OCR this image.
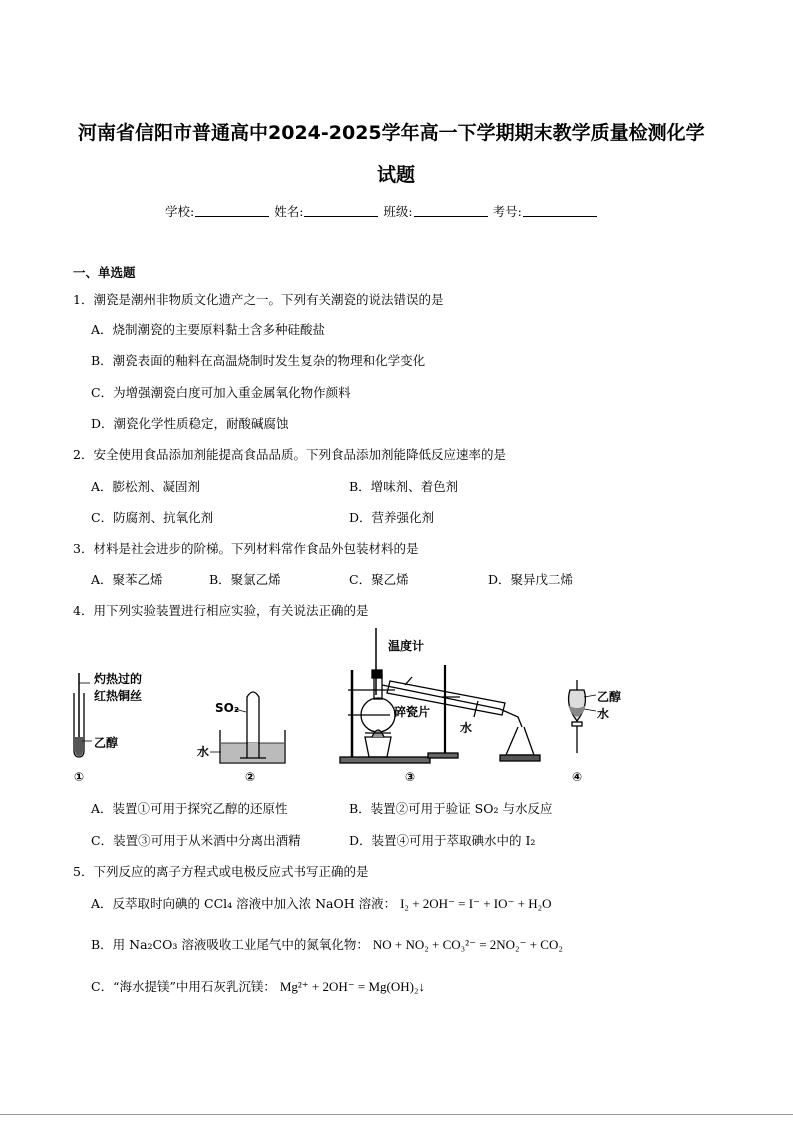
河南省信阳市普通高中2024-2025学年高一下学期期末教学质量检测化学
试题
学校:	姓名:	班级:	考号:
一、单选题
1．潮瓷是潮州非物质文化遗产之一。下列有关潮瓷的说法错误的是
A．烧制潮瓷的主要原料黏土含多种硅酸盐
B．潮瓷表面的釉料在高温烧制时发生复杂的物理和化学变化
C．为增强潮瓷白度可加入重金属氧化物作颜料
D．潮瓷化学性质稳定，耐酸碱腐蚀
2．安全使用食品添加剂能提高食品品质。下列食品添加剂能降低反应速率的是
A．膨松剂、凝固剂	B．增味剂、着色剂
C．防腐剂、抗氧化剂	D．营养强化剂
3．材料是社会进步的阶梯。下列材料常作食品外包装材料的是
A．聚苯乙烯	B．聚氯乙烯	C．聚乙烯	D．聚异戊二烯
4．用下列实验装置进行相应实验，有关说法正确的是
灼热过的
红热铜丝
乙醇
SO₂
水
温度计
碎瓷片
水
乙醇
水
①	②	③	④
A．装置①可用于探究乙醇的还原性	B．装置②可用于验证 SO₂ 与水反应
C．装置③可用于从米酒中分离出酒精	D．装置④可用于萃取碘水中的 I₂
5．下列反应的离子方程式或电极反应式书写正确的是
A．反萃取时向碘的 CCl₄ 溶液中加入浓 NaOH 溶液： I₂ + 2OH⁻ = I⁻ + IO⁻ + H₂O
B．用 Na₂CO₃ 溶液吸收工业尾气中的氮氧化物： NO + NO₂ + CO₃²⁻ = 2NO₂⁻ + CO₂
C．“海水提镁”中用石灰乳沉镁： Mg²⁺ + 2OH⁻ = Mg(OH)₂↓
